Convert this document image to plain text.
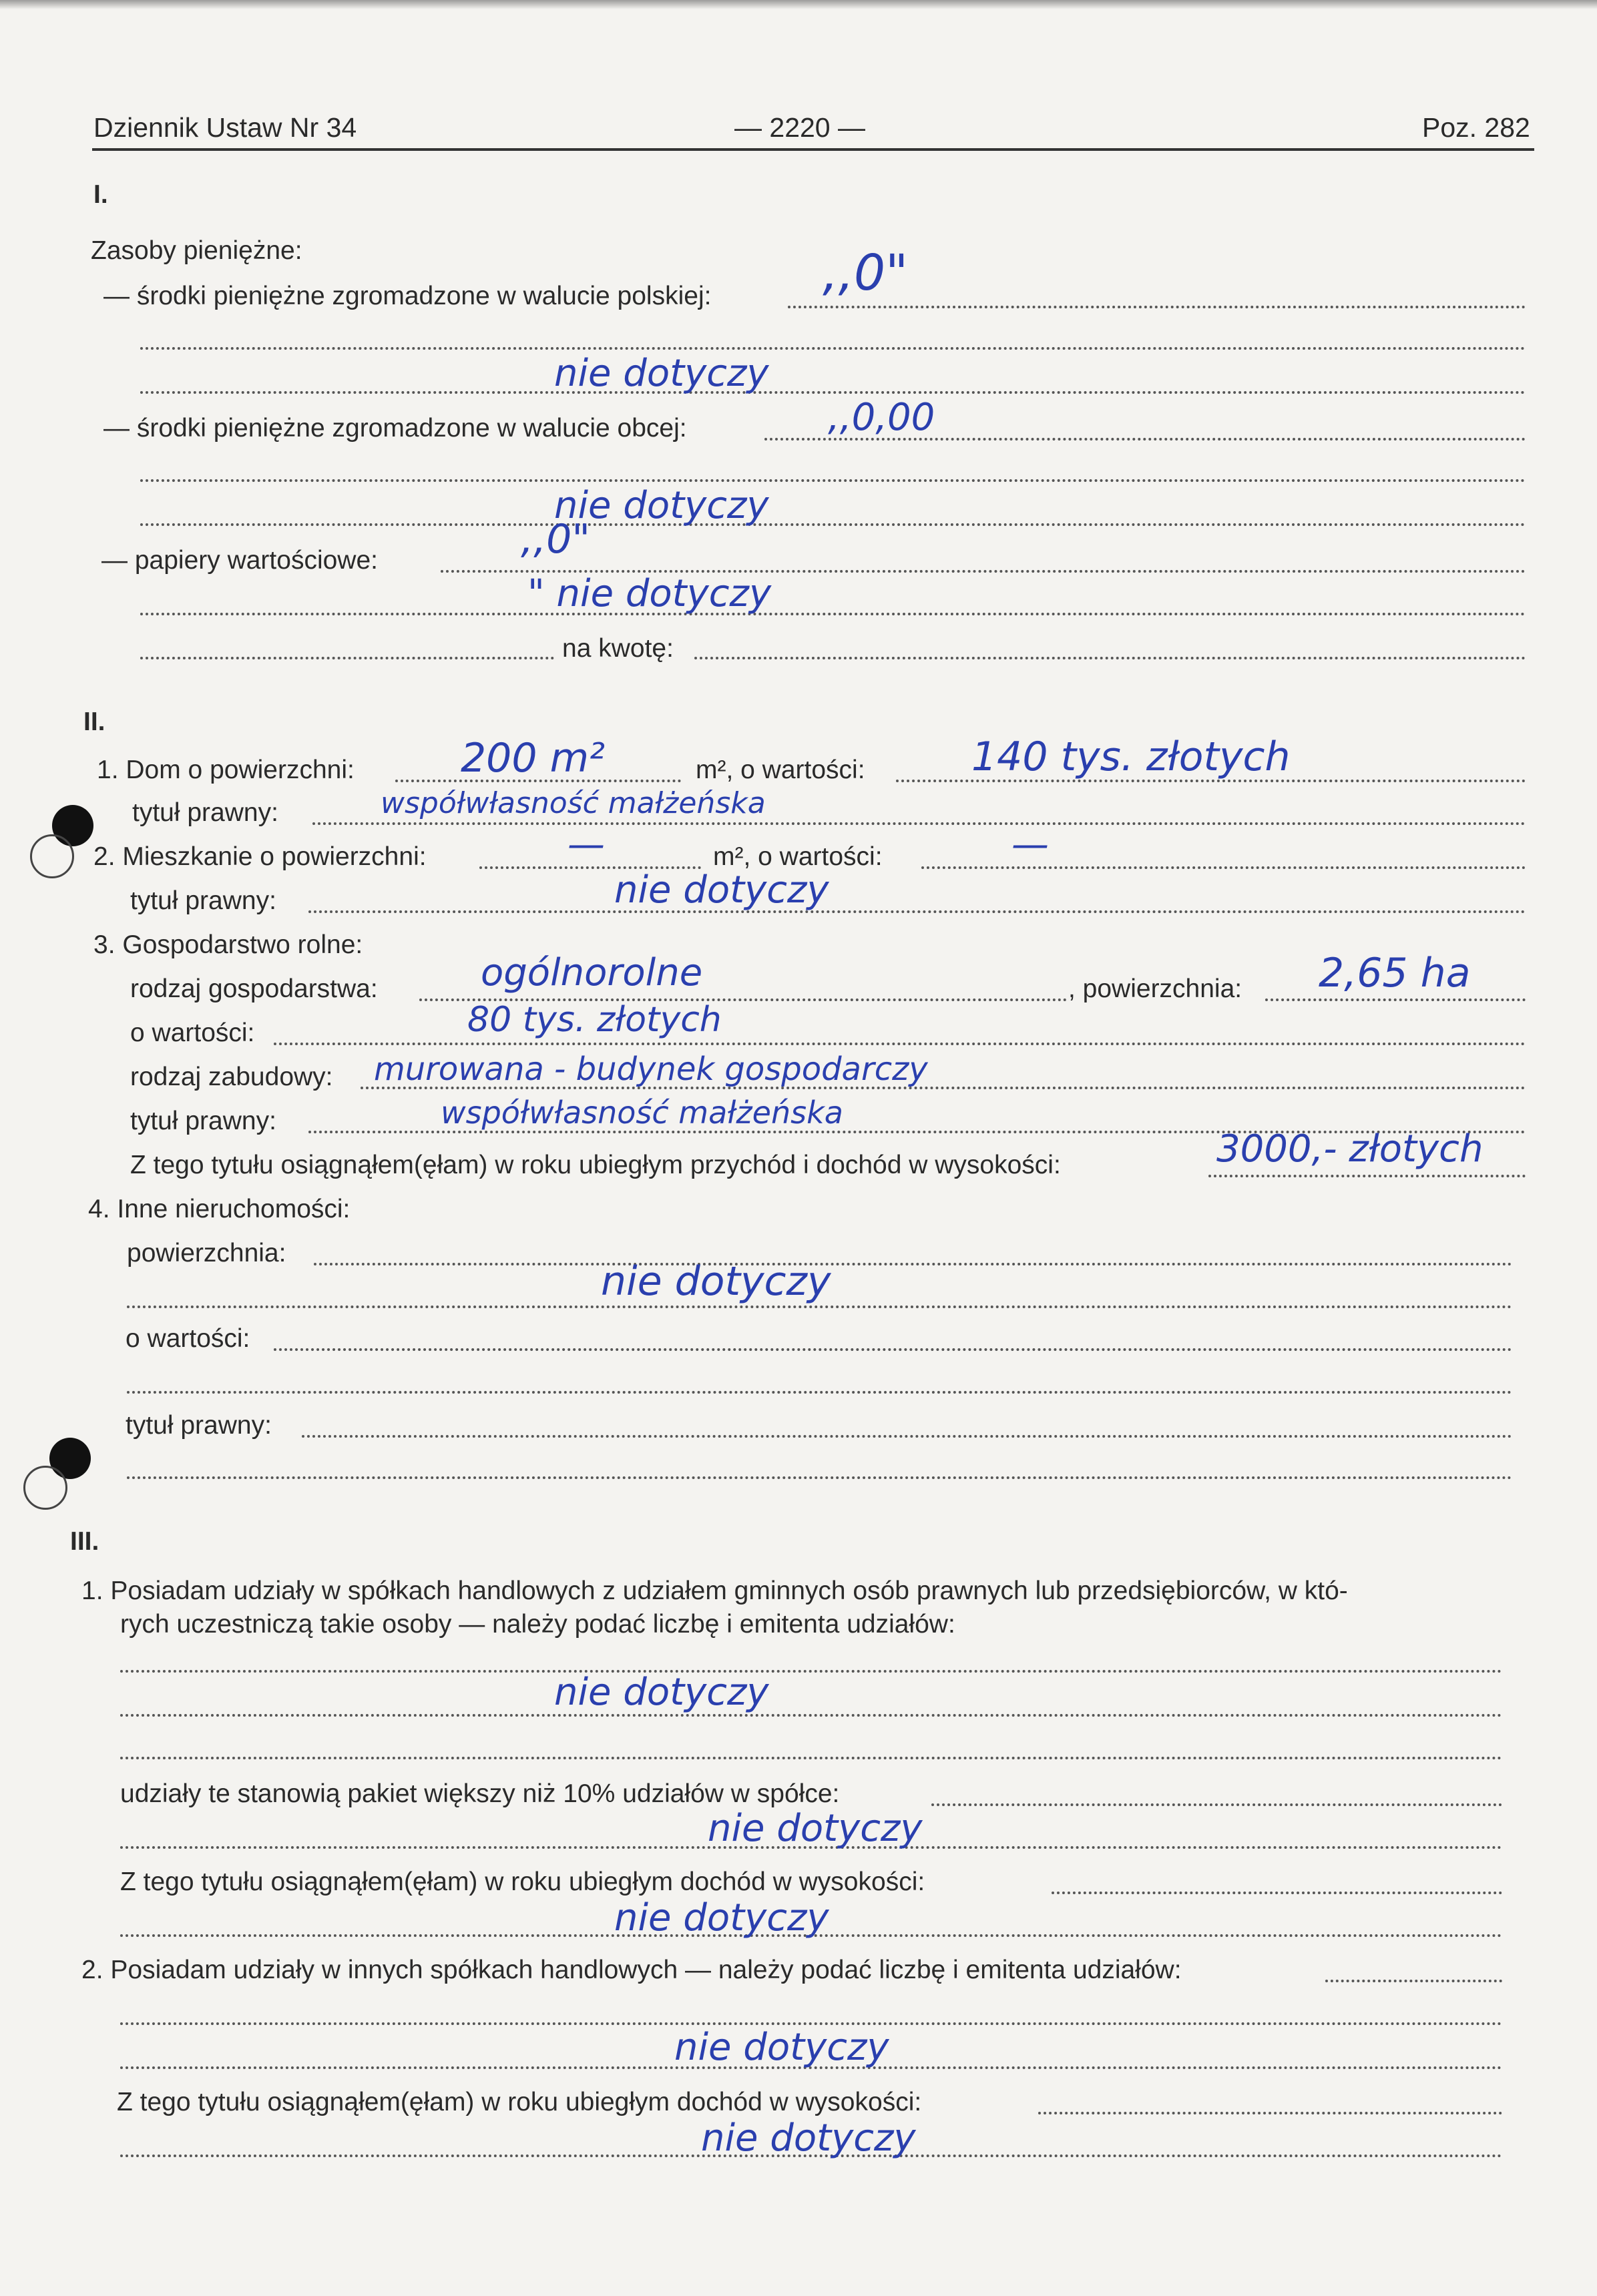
Dziennik Ustaw Nr 34	— 2220 —	Poz. 282
I.
Zasoby pieniężne:
— środki pieniężne zgromadzone w walucie polskiej: ,,0"
nie dotyczy
— środki pieniężne zgromadzone w walucie obcej:	,,0,00
nie dotyczy
— papiery wartościowe:	,,0"
" nie dotyczy
na kwotę:
II.
1. Dom o powierzchni:	200 m²	m², o wartości:	140 tys. złotych
tytuł prawny:	współwłasność małżeńska
2. Mieszkanie o powierzchni:	—	m², o wartości:	—
tytuł prawny:	nie dotyczy
3. Gospodarstwo rolne:
rodzaj gospodarstwa:	ogólnorolne	, powierzchnia: 2,65 ha
o wartości:	80 tys. złotych
rodzaj zabudowy: murowana - budynek gospodarczy
tytuł prawny:	współwłasność małżeńska
Z tego tytułu osiągnąłem(ęłam) w roku ubiegłym przychód i dochód w wysokości:	3000,- złotych
4. Inne nieruchomości:
powierzchnia:
nie dotyczy
o wartości:
tytuł prawny:
III.
1. Posiadam udziały w spółkach handlowych z udziałem gminnych osób prawnych lub przedsiębiorców, w któ-
rych uczestniczą takie osoby — należy podać liczbę i emitenta udziałów:
nie dotyczy
udziały te stanowią pakiet większy niż 10% udziałów w spółce:
nie dotyczy
Z tego tytułu osiągnąłem(ęłam) w roku ubiegłym dochód w wysokości:
nie dotyczy
2. Posiadam udziały w innych spółkach handlowych — należy podać liczbę i emitenta udziałów:
nie dotyczy
Z tego tytułu osiągnąłem(ęłam) w roku ubiegłym dochód w wysokości:
nie dotyczy
